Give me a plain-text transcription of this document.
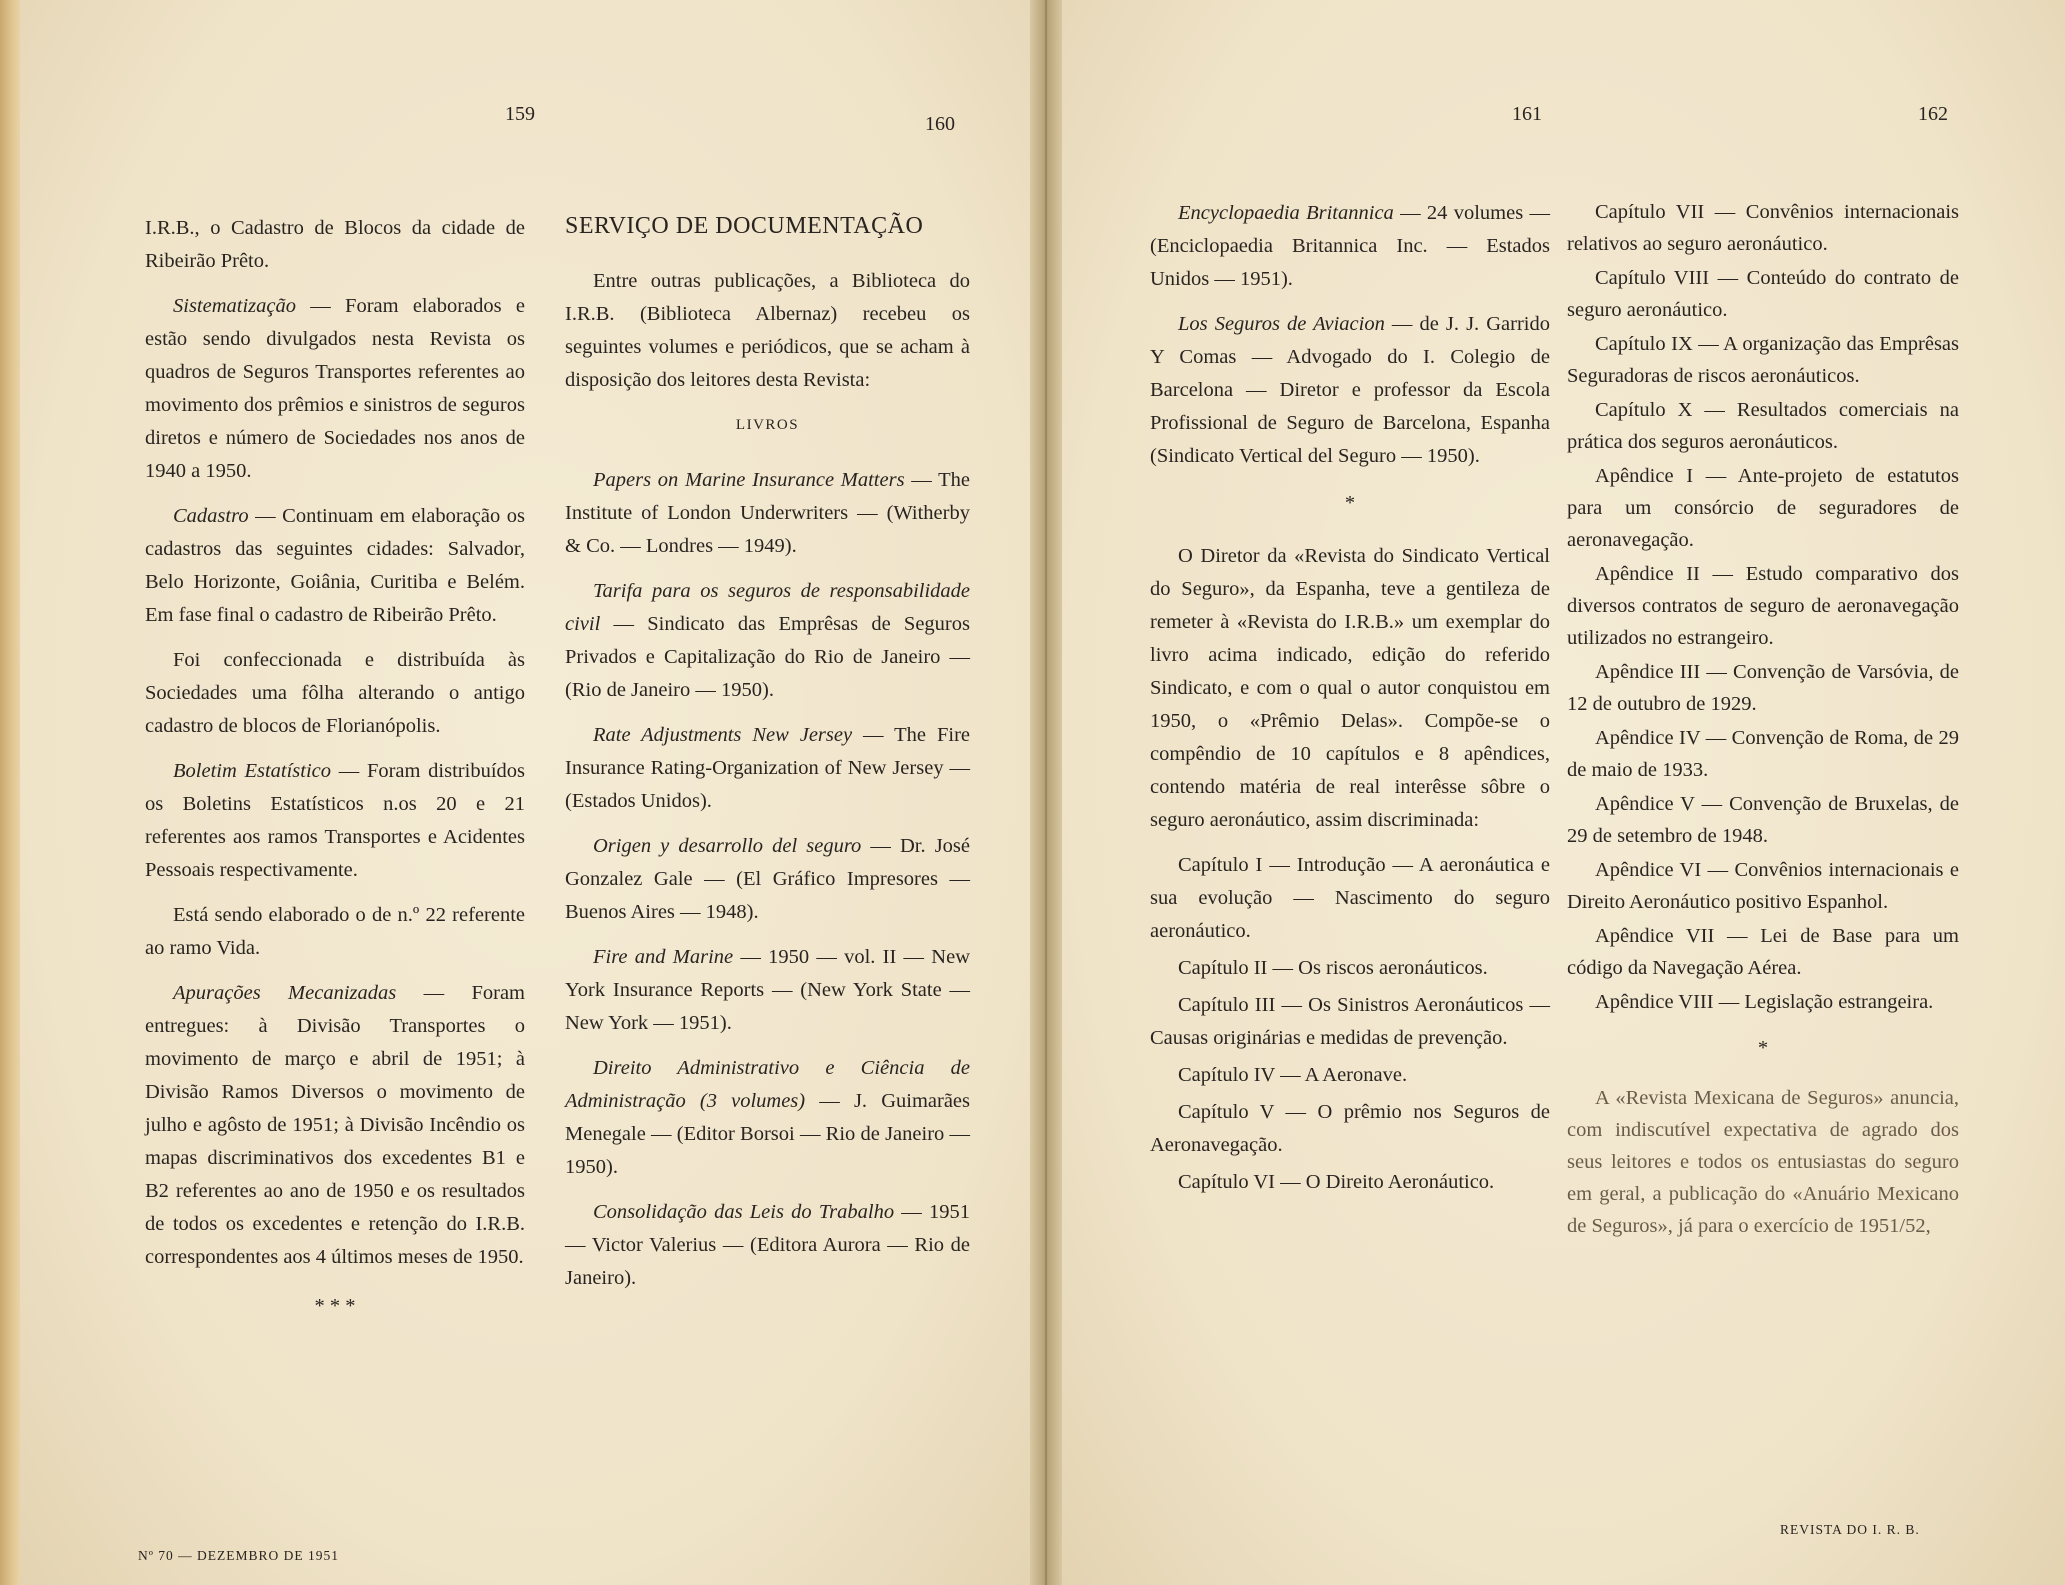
159	160

I.R.B., o Cadastro de Blocos da cidade de Ribeirão Prêto.

Sistematização — Foram elaborados e estão sendo divulgados nesta Revista os quadros de Seguros Transportes referentes ao movimento dos prêmios e sinistros de seguros diretos e número de Sociedades nos anos de 1940 a 1950.

Cadastro — Continuam em elaboração os cadastros das seguintes cidades: Salvador, Belo Horizonte, Goiânia, Curitiba e Belém. Em fase final o cadastro de Ribeirão Prêto.

Foi confeccionada e distribuída às Sociedades uma fôlha alterando o antigo cadastro de blocos de Florianópolis.

Boletim Estatístico — Foram distribuídos os Boletins Estatísticos n.os 20 e 21 referentes aos ramos Transportes e Acidentes Pessoais respectivamente.

Está sendo elaborado o de n.º 22 referente ao ramo Vida.

Apurações Mecanizadas — Foram entregues: à Divisão Transportes o movimento de março e abril de 1951; à Divisão Ramos Diversos o movimento de julho e agôsto de 1951; à Divisão Incêndio os mapas discriminativos dos excedentes B1 e B2 referentes ao ano de 1950 e os resultados de todos os excedentes e retenção do I.R.B. correspondentes aos 4 últimos meses de 1950.

* * *

SERVIÇO DE DOCUMENTAÇÃO

Entre outras publicações, a Biblioteca do I.R.B. (Biblioteca Albernaz) recebeu os seguintes volumes e periódicos, que se acham à disposição dos leitores desta Revista:

LIVROS

Papers on Marine Insurance Matters — The Institute of London Underwriters — (Witherby & Co. — Londres — 1949).

Tarifa para os seguros de responsabilidade civil — Sindicato das Emprêsas de Seguros Privados e Capitalização do Rio de Janeiro — (Rio de Janeiro — 1950).

Rate Adjustments New Jersey — The Fire Insurance Rating-Organization of New Jersey — (Estados Unidos).

Origen y desarrollo del seguro — Dr. José Gonzalez Gale — (El Gráfico Impresores — Buenos Aires — 1948).

Fire and Marine — 1950 — vol. II — New York Insurance Reports — (New York State — New York — 1951).

Direito Administrativo e Ciência de Administração (3 volumes) — J. Guimarães Menegale — (Editor Borsoi — Rio de Janeiro — 1950).

Consolidação das Leis do Trabalho — 1951 — Victor Valerius — (Editora Aurora — Rio de Janeiro).

Nº 70 — DEZEMBRO DE 1951
161	162

Encyclopaedia Britannica — 24 volumes — (Enciclopaedia Britannica Inc. — Estados Unidos — 1951).

Los Seguros de Aviacion — de J. J. Garrido Y Comas — Advogado do I. Colegio de Barcelona — Diretor e professor da Escola Profissional de Seguro de Barcelona, Espanha (Sindicato Vertical del Seguro — 1950).

*

O Diretor da «Revista do Sindicato Vertical do Seguro», da Espanha, teve a gentileza de remeter à «Revista do I.R.B.» um exemplar do livro acima indicado, edição do referido Sindicato, e com o qual o autor conquistou em 1950, o «Prêmio Delas». Compõe-se o compêndio de 10 capítulos e 8 apêndices, contendo matéria de real interêsse sôbre o seguro aeronáutico, assim discriminada:

Capítulo I — Introdução — A aeronáutica e sua evolução — Nascimento do seguro aeronáutico.

Capítulo II — Os riscos aeronáuticos.

Capítulo III — Os Sinistros Aeronáuticos — Causas originárias e medidas de prevenção.

Capítulo IV — A Aeronave.

Capítulo V — O prêmio nos Seguros de Aeronavegação.

Capítulo VI — O Direito Aeronáutico.

Capítulo VII — Convênios internacionais relativos ao seguro aeronáutico.

Capítulo VIII — Conteúdo do contrato de seguro aeronáutico.

Capítulo IX — A organização das Emprêsas Seguradoras de riscos aeronáuticos.

Capítulo X — Resultados comerciais na prática dos seguros aeronáuticos.

Apêndice I — Ante-projeto de estatutos para um consórcio de seguradores de aeronavegação.

Apêndice II — Estudo comparativo dos diversos contratos de seguro de aeronavegação utilizados no estrangeiro.

Apêndice III — Convenção de Varsóvia, de 12 de outubro de 1929.

Apêndice IV — Convenção de Roma, de 29 de maio de 1933.

Apêndice V — Convenção de Bruxelas, de 29 de setembro de 1948.

Apêndice VI — Convênios internacionais e Direito Aeronáutico positivo Espanhol.

Apêndice VII — Lei de Base para um código da Navegação Aérea.

Apêndice VIII — Legislação estrangeira.

*

A «Revista Mexicana de Seguros» anuncia, com indiscutível expectativa de agrado dos seus leitores e todos os entusiastas do seguro em geral, a publicação do «Anuário Mexicano de Seguros», já para o exercício de 1951/52,

REVISTA DO I. R. B.
